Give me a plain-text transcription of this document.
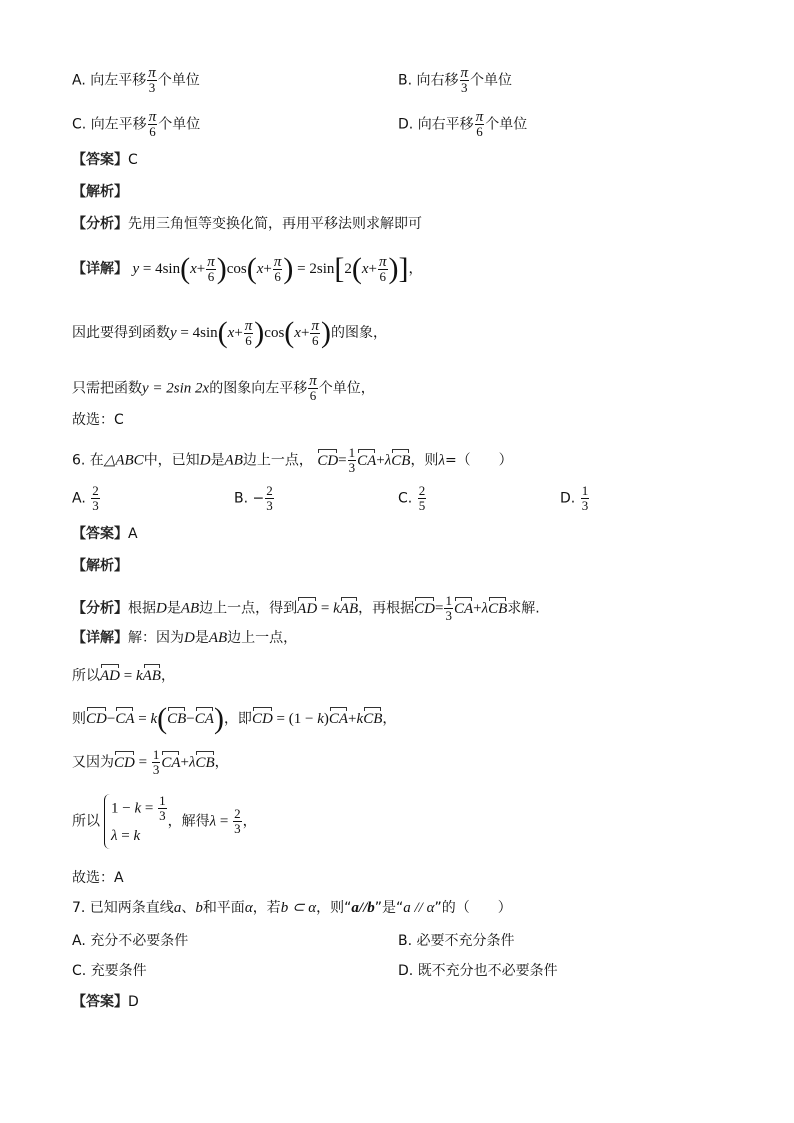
A. 向左平移 $\frac{\pi}{3}$ 个单位	B. 向右移 $\frac{\pi}{3}$ 个单位
C. 向左平移 $\frac{\pi}{6}$ 个单位	D. 向右平移 $\frac{\pi}{6}$ 个单位
【答案】C
【解析】
【分析】先用三角恒等变换化简，再用平移法则求解即可
【详解】 $y = 4\sin(x+ \frac{\pi}{6} )\cos(x+ \frac{\pi}{6}$ ) = $2\sin[2(x+ \frac{\pi}{6}$ )]，
因此要得到函数$y = 4\sin(x+ \frac{\pi}{6} )\cos(x+ \frac{\pi}{6}$ )的图象，
只需把函数y = 2sin 2x的图象向左平移 $\frac{\pi}{6}$ 个单位，
故选：C
6. 在△ABC中，已知D是AB边上一点， $CD= \frac{1}{3} CA+\lambda CB$，则λ=（　　）
A. $\frac{2}{3}$	B. − $\frac{2}{3}$	C. $\frac{2}{5}$	D. $\frac{1}{3}$
【答案】A
【解析】
【分析】根据D是AB边上一点，得到AD = kAB，再根据$CD= \frac{1}{3} CA+\lambda CB$求解.
【详解】解：因为D是AB边上一点，
所以AD = kAB，
则CD−CA = k(CB−CA)，即CD = (1 − k)CA+kCB，
又因为CD = $\frac{1}{3} CA+\lambda CB$，
所以
$1 - k = \frac{1}{3}$
λ = k
，解得$\lambda = \frac{2}{3}$ ，
故选：A
7. 已知两条直线a、b和平面α，若b ⊂ α，则“a//b”是“a // α”的（　　）
A. 充分不必要条件	B. 必要不充分条件
C. 充要条件	D. 既不充分也不必要条件
【答案】D
